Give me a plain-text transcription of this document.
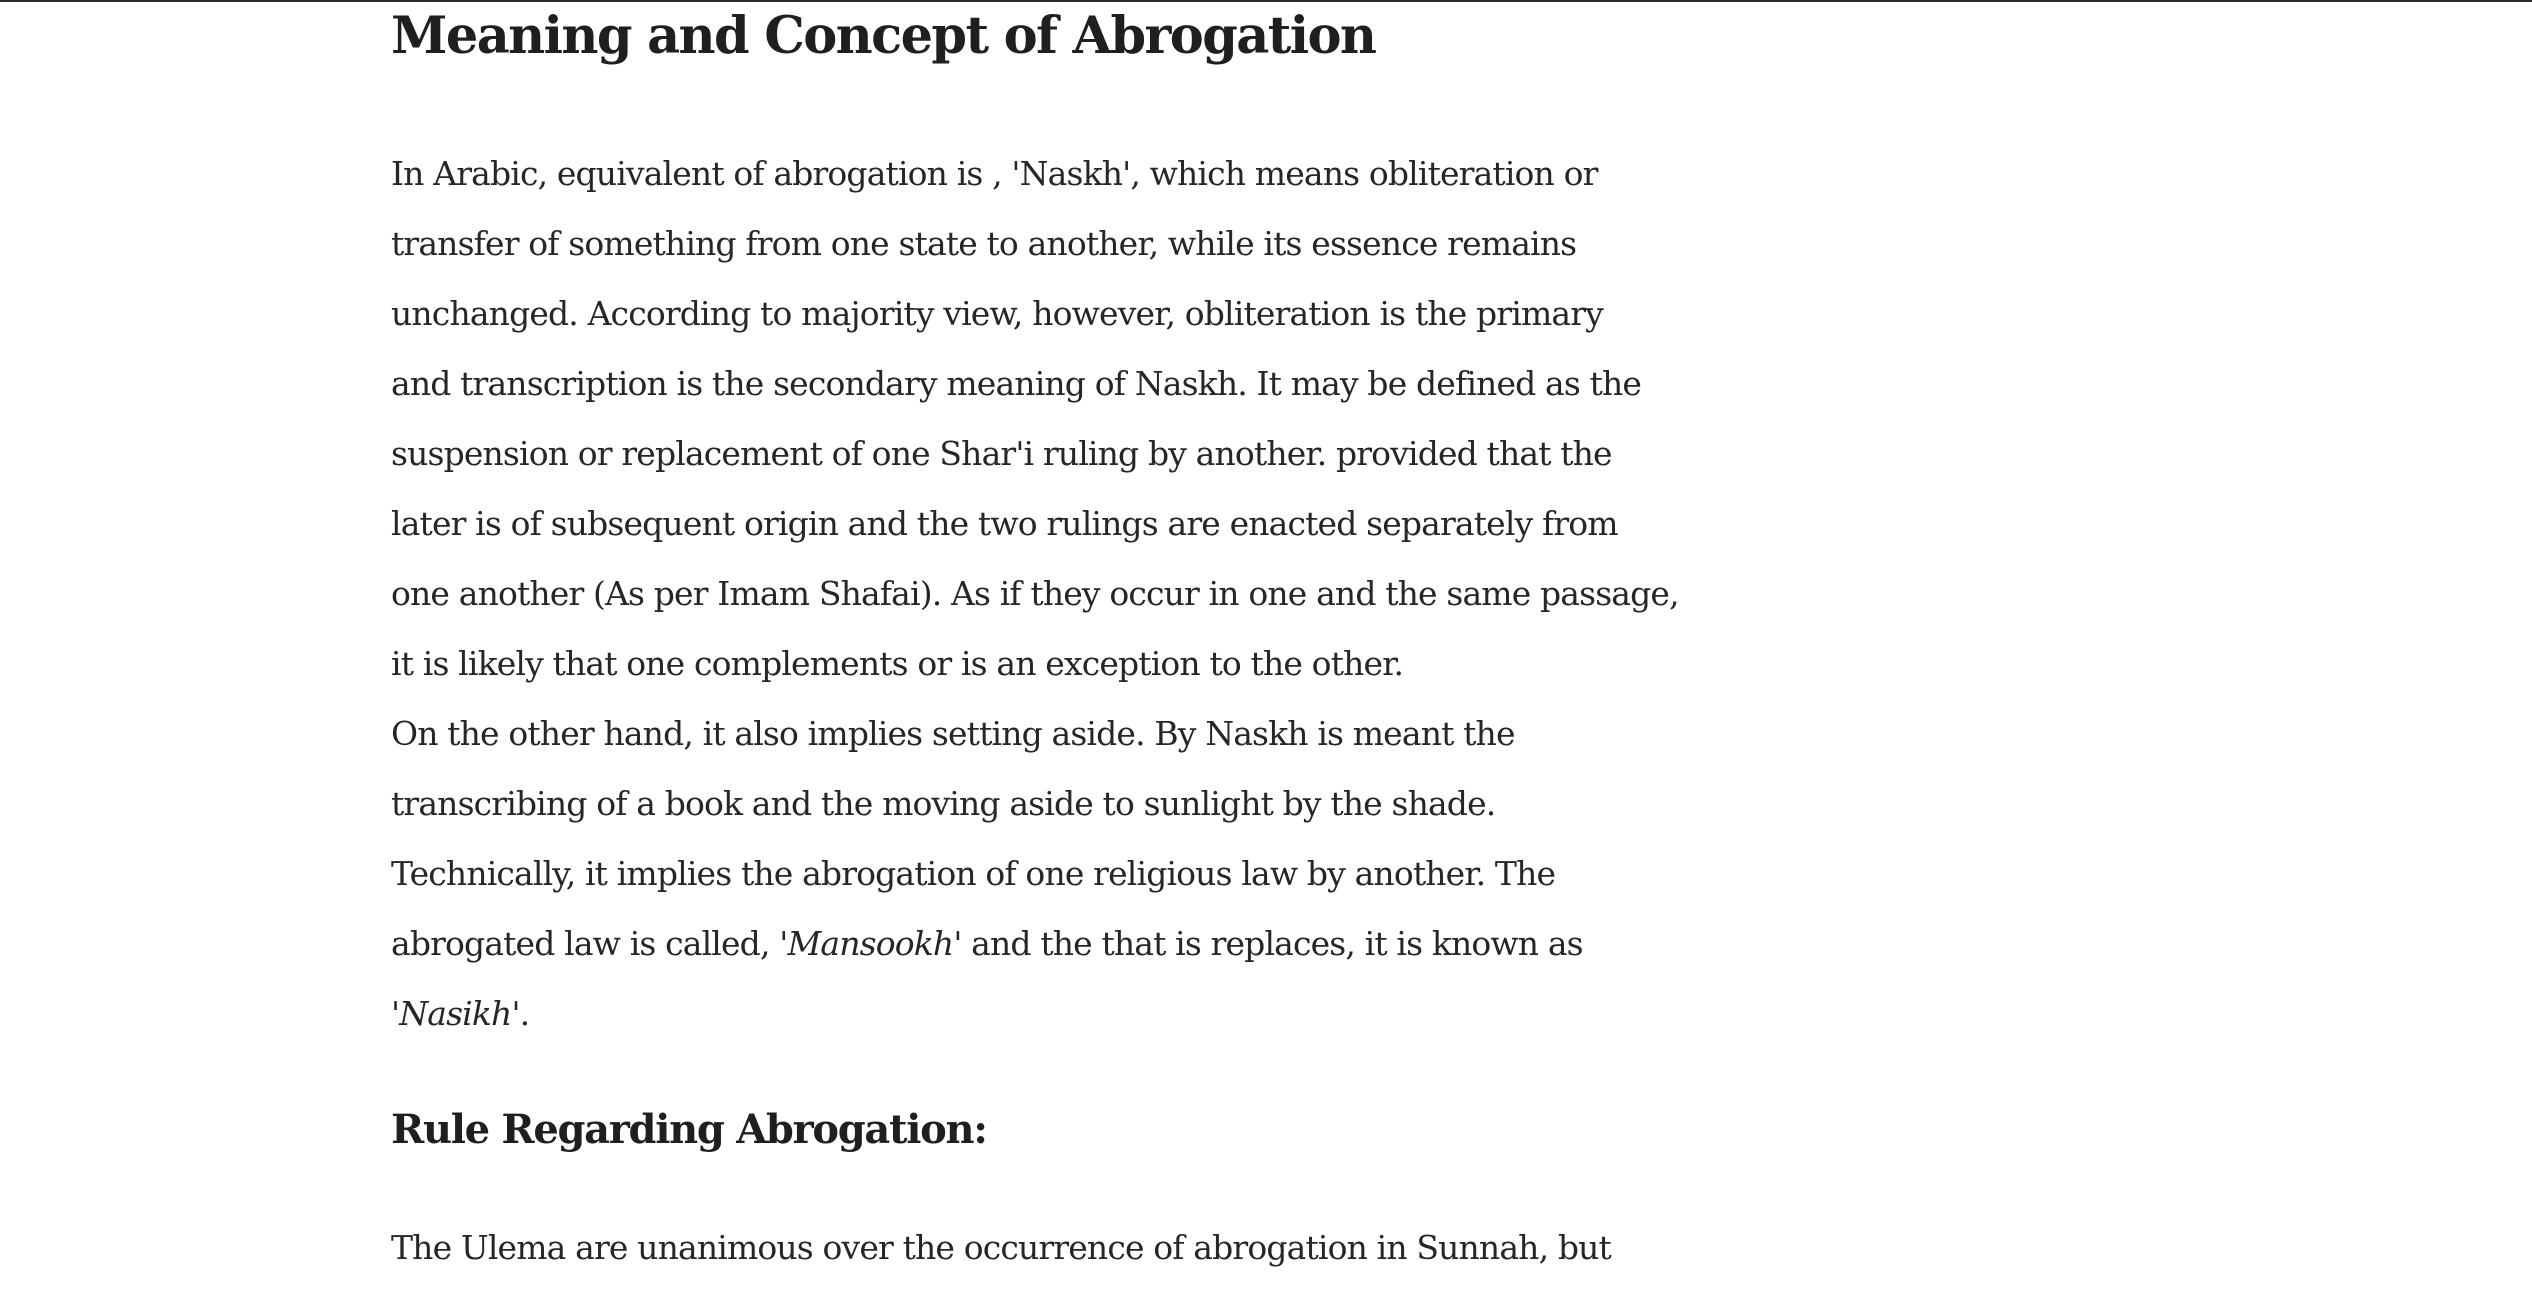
Meaning and Concept of Abrogation

In Arabic, equivalent of abrogation is , 'Naskh', which means obliteration or
transfer of something from one state to another, while its essence remains
unchanged. According to majority view, however, obliteration is the primary
and transcription is the secondary meaning of Naskh. It may be defined as the
suspension or replacement of one Shar'i ruling by another. provided that the
later is of subsequent origin and the two rulings are enacted separately from
one another (As per Imam Shafai). As if they occur in one and the same passage,
it is likely that one complements or is an exception to the other.

On the other hand, it also implies setting aside. By Naskh is meant the
transcribing of a book and the moving aside to sunlight by the shade.
Technically, it implies the abrogation of one religious law by another. The
abrogated law is called, 'Mansookh' and the that is replaces, it is known as
'Nasikh'.

Rule Regarding Abrogation:

The Ulema are unanimous over the occurrence of abrogation in Sunnah, but
